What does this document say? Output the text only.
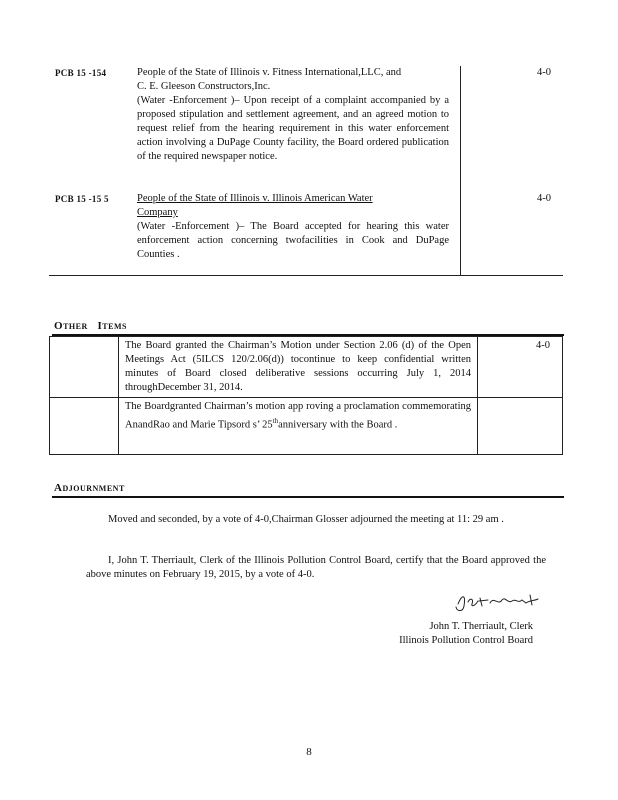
PCB 15 -154	People of the State of Illinois v. Fitness International,LLC, and
C. E. Gleeson Constructors,Inc.
(Water -Enforcement )– Upon receipt of a complaint accompanied by a proposed stipulation and settlement agreement, and an agreed motion to request relief from the hearing requirement in this water enforcement action involving a DuPage County facility, the Board ordered publication of the required newspaper notice.
4-0
PCB 15 -15 5	People of the State of Illinois v. Illinois American Water Company
(Water -Enforcement )– The Board accepted for hearing this water enforcement action concerning twofacilities in Cook and DuPage Counties .
4-0
OTHER ITEMS
	The Board granted the Chairman’s Motion under Section 2.06 (d) of the Open Meetings Act (5ILCS 120/2.06(d)) tocontinue to keep confidential written minutes of Board closed deliberative sessions occurring July 1, 2014 throughDecember 31, 2014.	4-0
	The Boardgranted Chairman’s motion app roving a proclamation commemorating AnandRao and Marie Tipsord s’ 25thanniversary with the Board .	
ADJOURNMENT
Moved and seconded, by a vote of 4-0,Chairman Glosser adjourned the meeting at 11: 29 am .
I, John T. Therriault, Clerk of the Illinois Pollution Control Board, certify that the Board approved the above minutes on February 19, 2015, by a vote of 4-0.
John T. Therriault, Clerk
Illinois Pollution Control Board
8
